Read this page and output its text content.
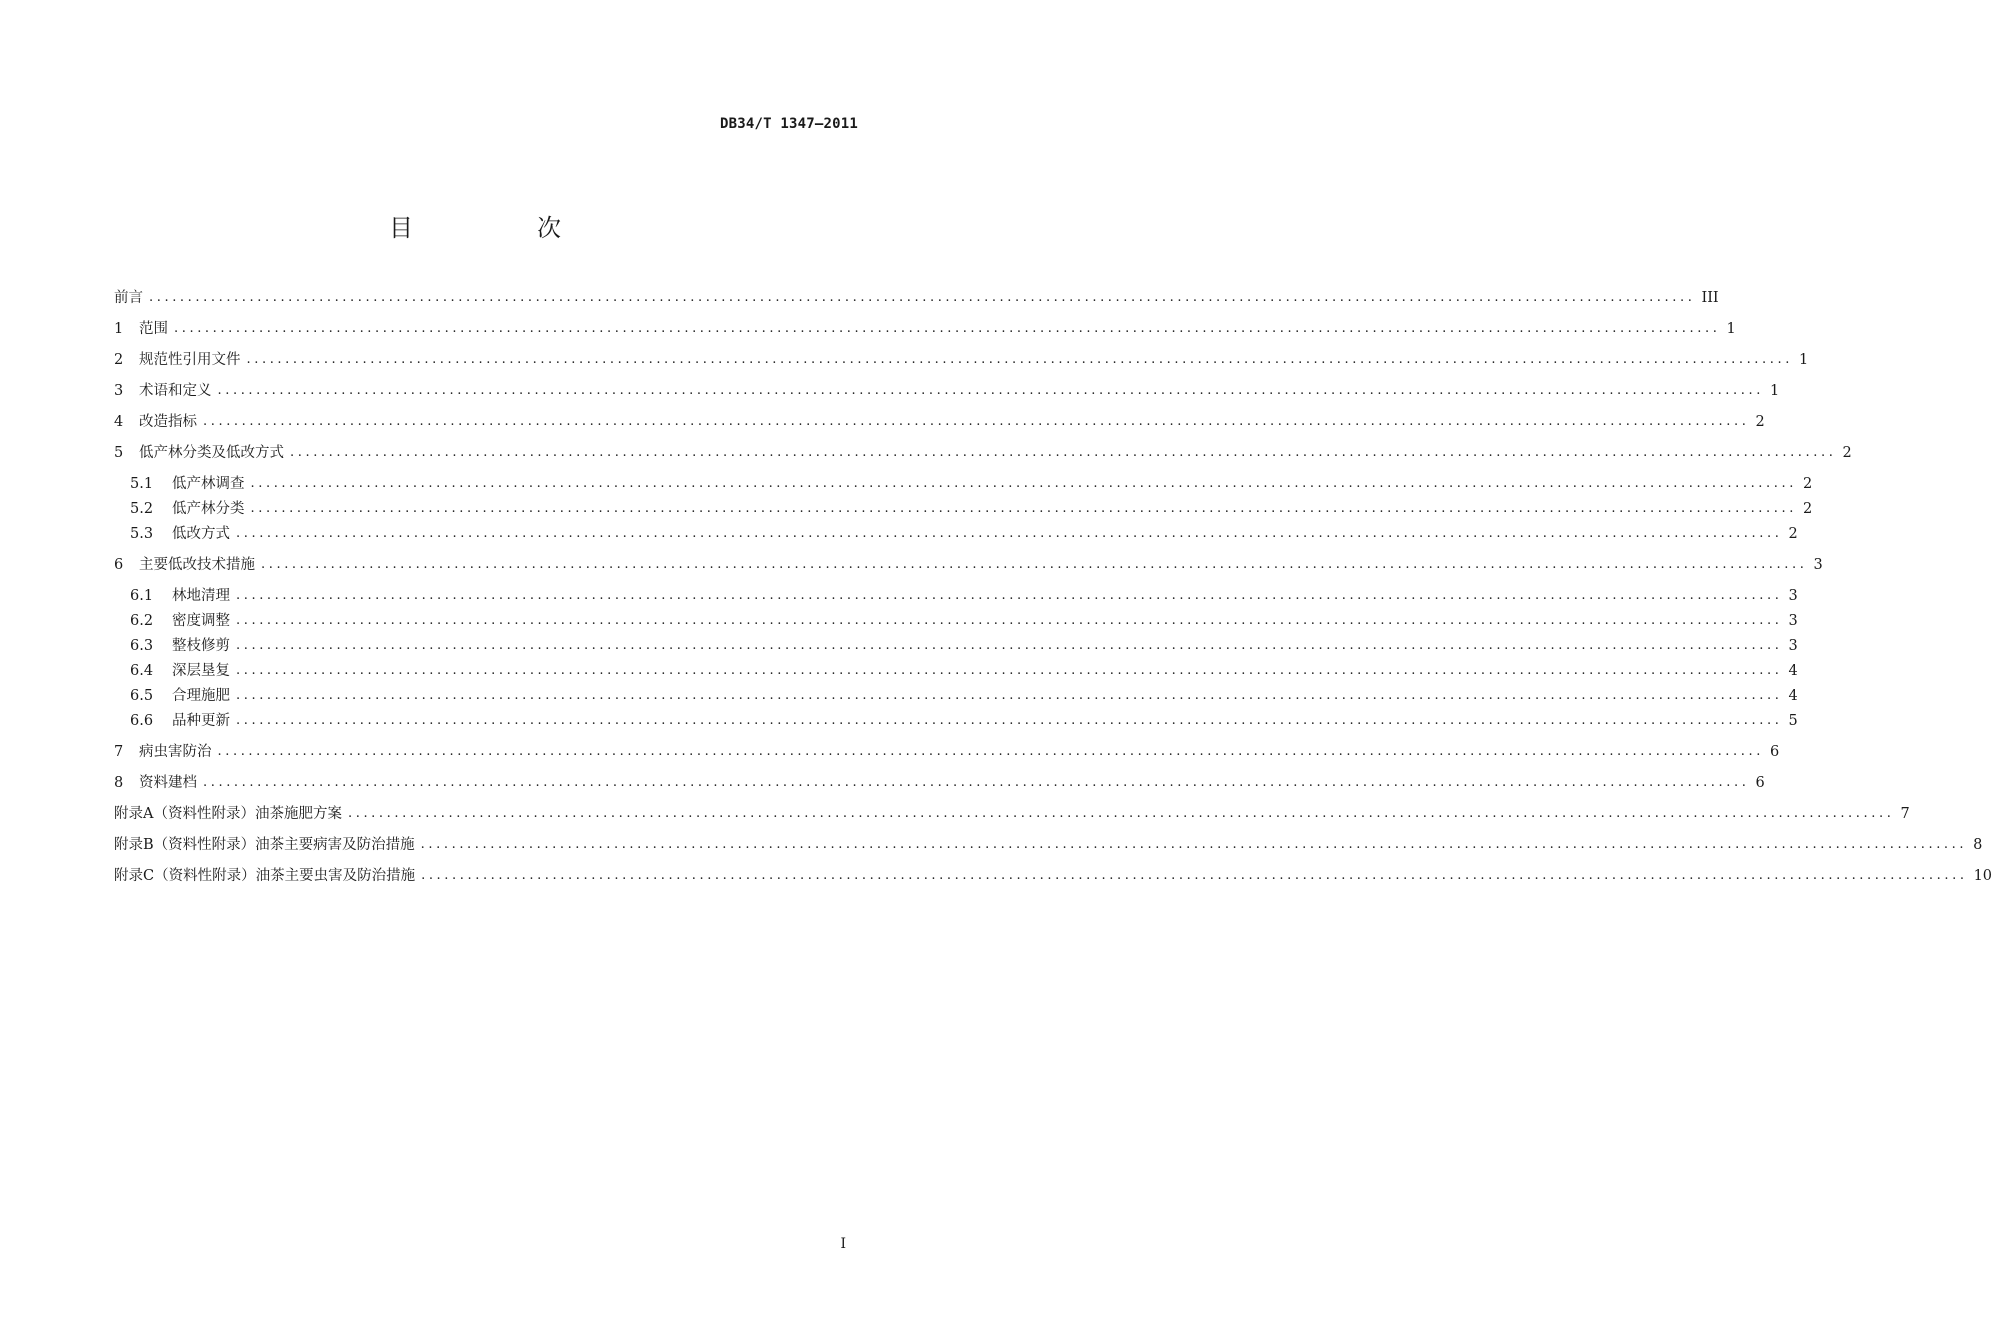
DB34/T 1347—2011
目　次
前言 ........................................................................................................................................................................................................ III
1	范围 ........................................................................................................................................................................................................ 1
2	规范性引用文件 ........................................................................................................................................................................................................ 1
3	术语和定义 ........................................................................................................................................................................................................ 1
4	改造指标 ........................................................................................................................................................................................................ 2
5	低产林分类及低改方式 ........................................................................................................................................................................................................ 2
5.1	低产林调查 ........................................................................................................................................................................................................ 2
5.2	低产林分类 ........................................................................................................................................................................................................ 2
5.3	低改方式 ........................................................................................................................................................................................................ 2
6	主要低改技术措施 ........................................................................................................................................................................................................ 3
6.1	林地清理 ........................................................................................................................................................................................................ 3
6.2	密度调整 ........................................................................................................................................................................................................ 3
6.3	整枝修剪 ........................................................................................................................................................................................................ 3
6.4	深层垦复 ........................................................................................................................................................................................................ 4
6.5	合理施肥 ........................................................................................................................................................................................................ 4
6.6	品种更新 ........................................................................................................................................................................................................ 5
7	病虫害防治 ........................................................................................................................................................................................................ 6
8	资料建档 ........................................................................................................................................................................................................ 6
附录A（资料性附录） 油茶施肥方案 ........................................................................................................................................................................................................ 7
附录B（资料性附录） 油茶主要病害及防治措施 ........................................................................................................................................................................................................ 8
附录C（资料性附录） 油茶主要虫害及防治措施 ........................................................................................................................................................................................................ 10
I
